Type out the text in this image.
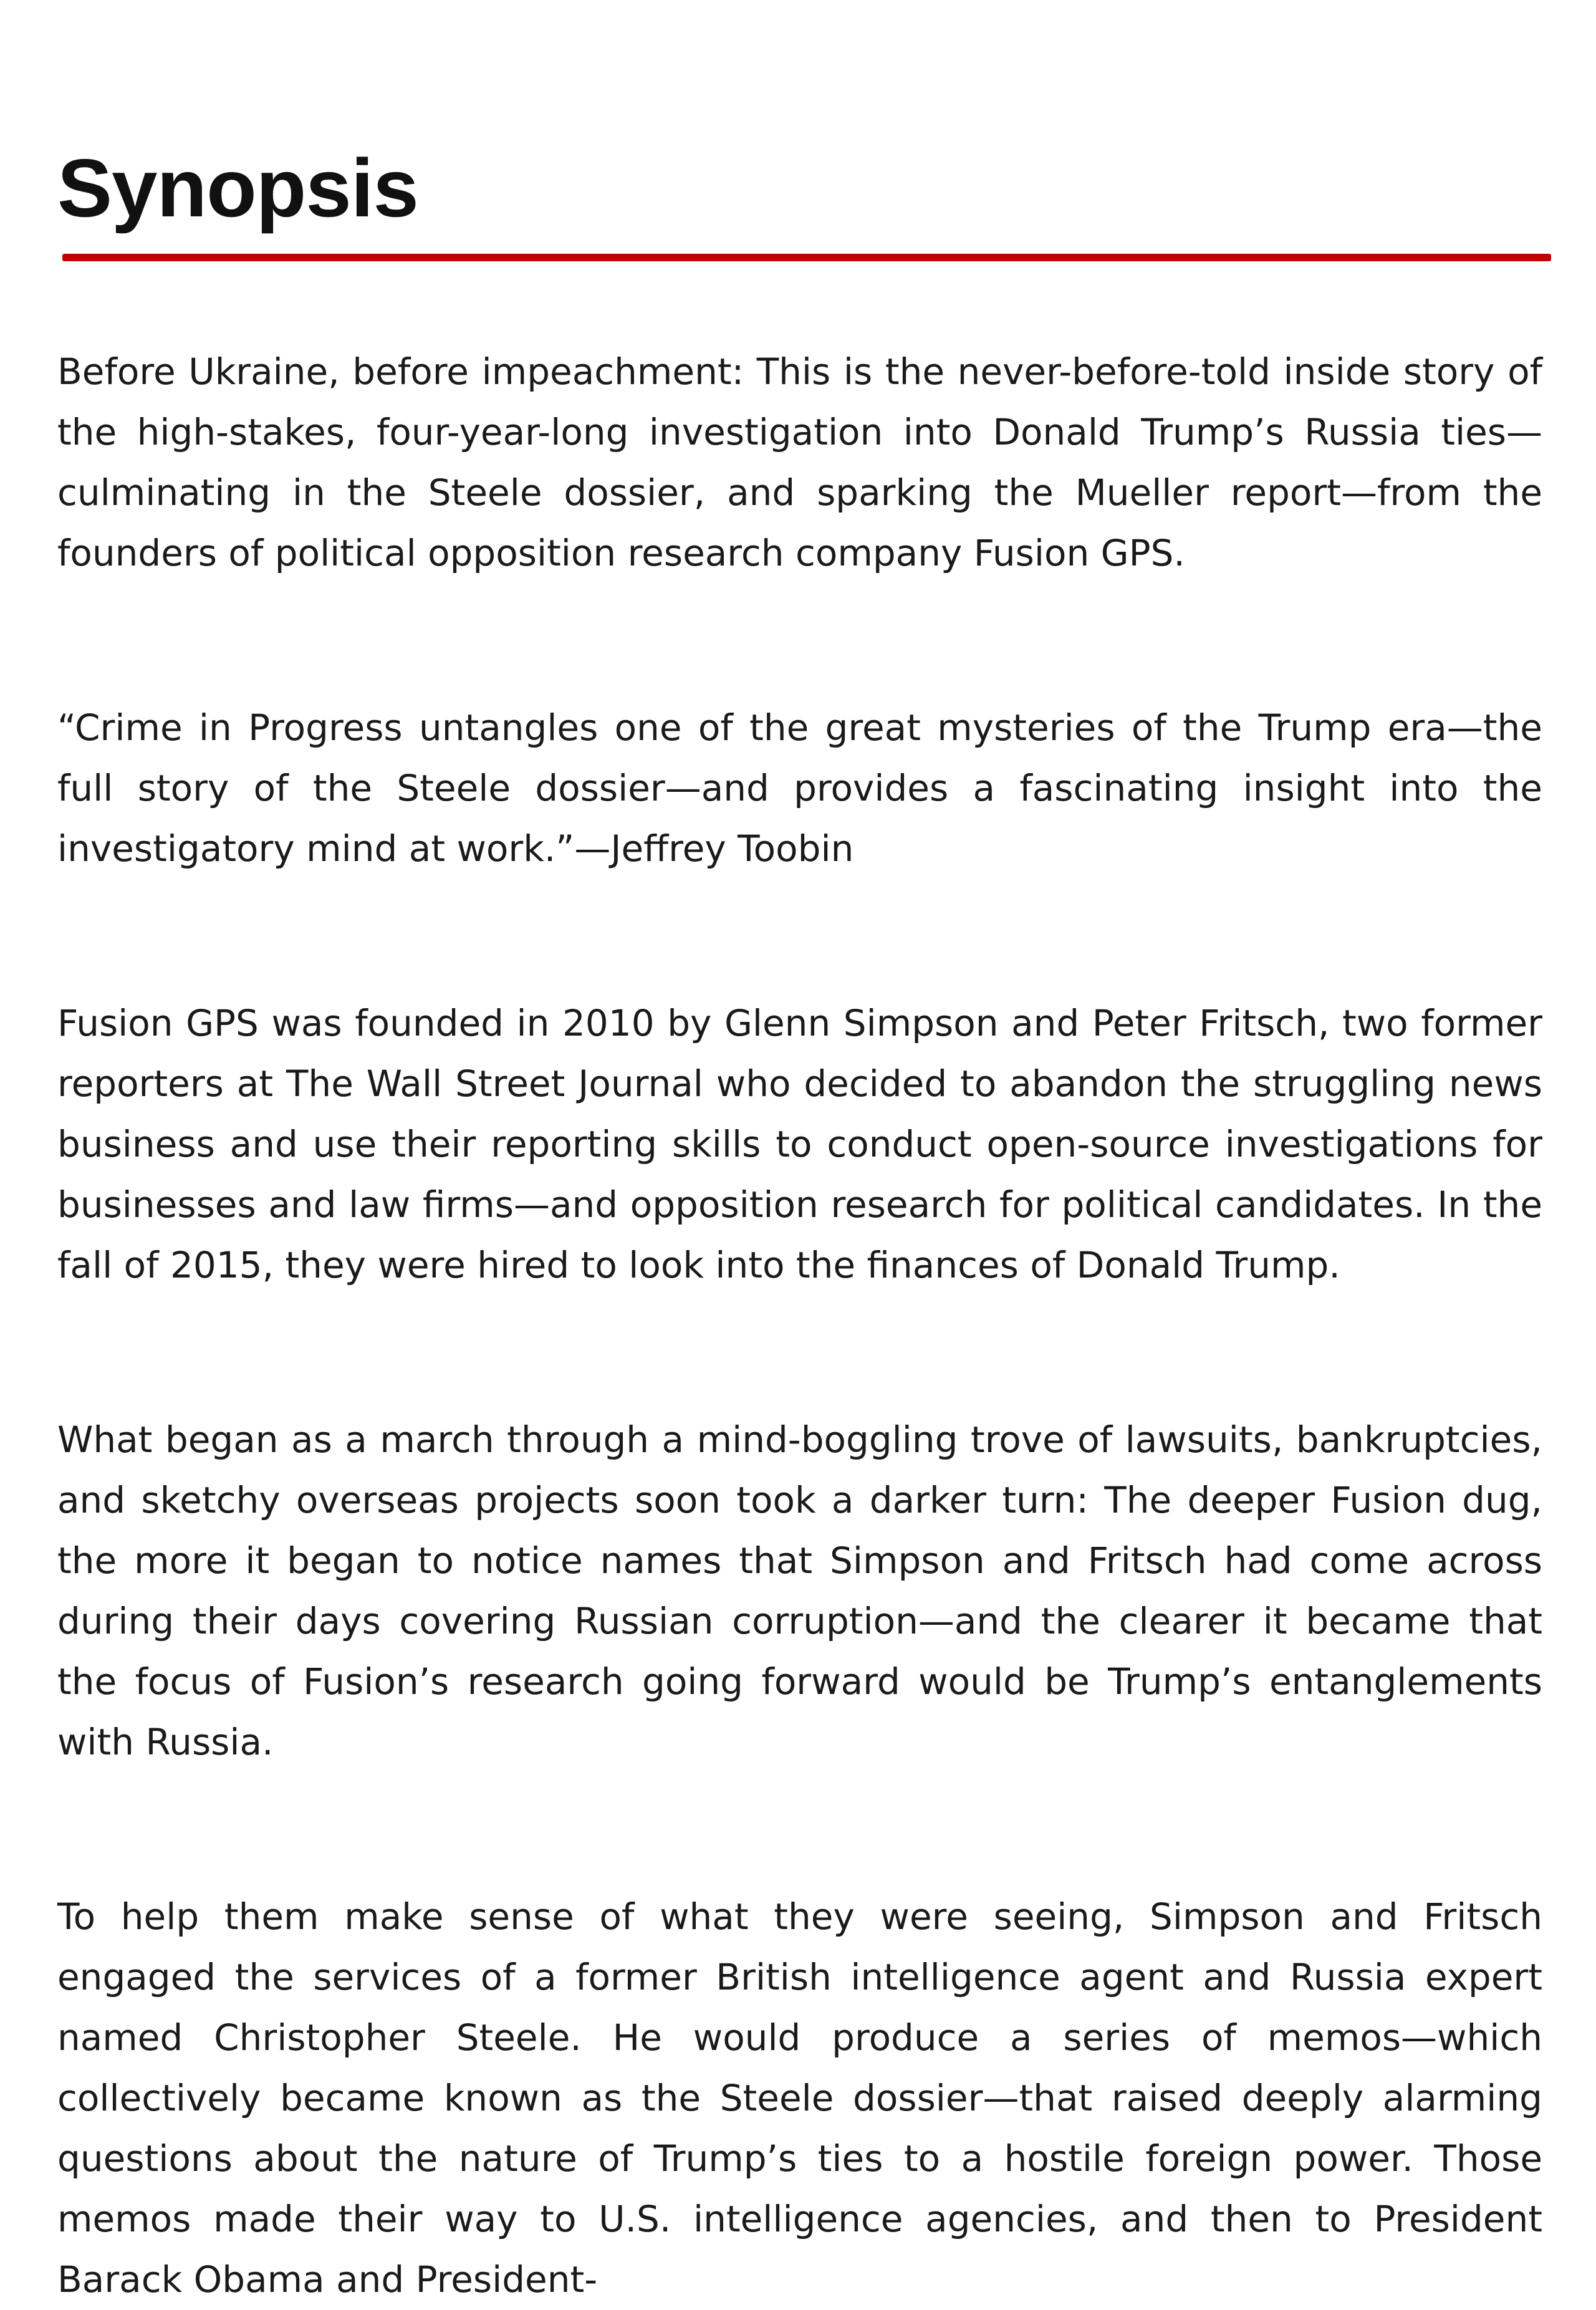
Synopsis

Before Ukraine, before impeachment: This is the never-before-told inside story of the high-stakes, four-year-long investigation into Donald Trump’s Russia ties—culminating in the Steele dossier, and sparking the Mueller report—from the founders of political opposition research company Fusion GPS.

“Crime in Progress untangles one of the great mysteries of the Trump era—the full story of the Steele dossier—and provides a fascinating insight into the investigatory mind at work.”—Jeffrey Toobin

Fusion GPS was founded in 2010 by Glenn Simpson and Peter Fritsch, two former reporters at The Wall Street Journal who decided to abandon the struggling news business and use their reporting skills to conduct open-source investigations for businesses and law firms—and opposition research for political candidates. In the fall of 2015, they were hired to look into the finances of Donald Trump.

What began as a march through a mind-boggling trove of lawsuits, bankruptcies, and sketchy overseas projects soon took a darker turn: The deeper Fusion dug, the more it began to notice names that Simpson and Fritsch had come across during their days covering Russian corruption—and the clearer it became that the focus of Fusion’s research going forward would be Trump’s entanglements with Russia.

To help them make sense of what they were seeing, Simpson and Fritsch engaged the services of a former British intelligence agent and Russia expert named Christopher Steele. He would produce a series of memos—which collectively became known as the Steele dossier—that raised deeply alarming questions about the nature of Trump’s ties to a hostile foreign power. Those memos made their way to U.S. intelligence agencies, and then to President Barack Obama and President-
